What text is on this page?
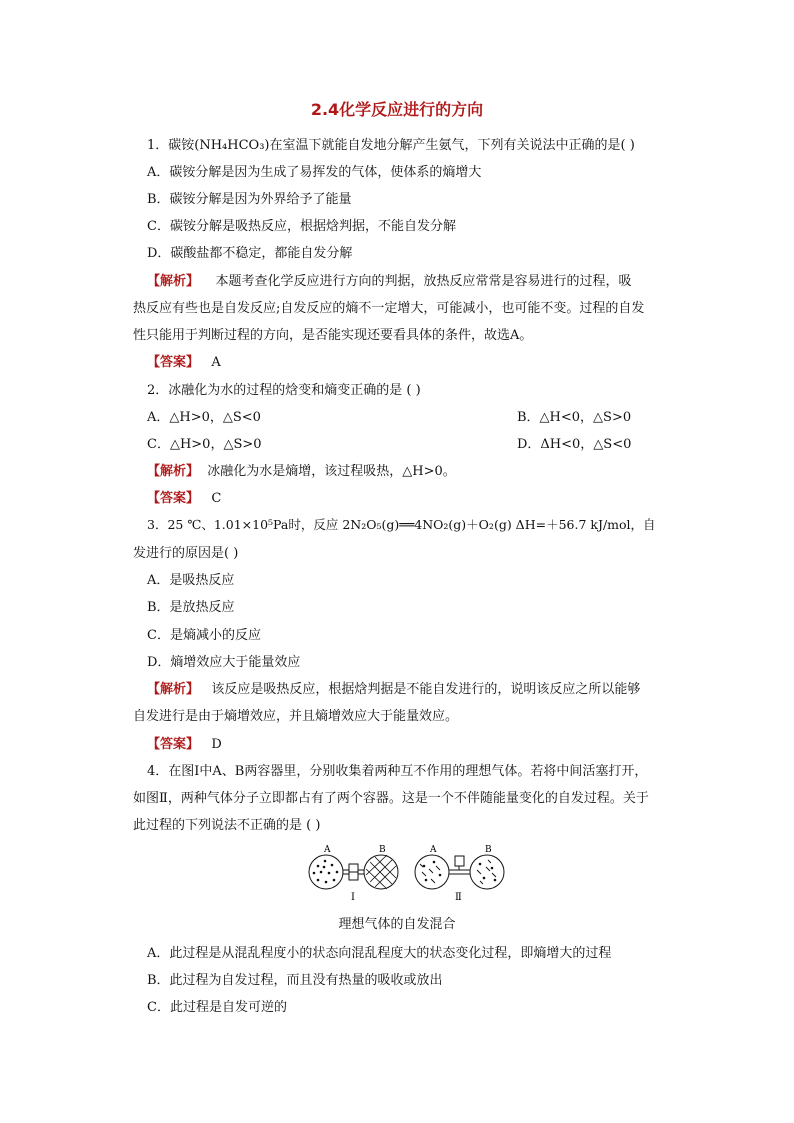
2.4化学反应进行的方向

1．碳铵(NH₄HCO₃)在室温下就能自发地分解产生氨气，下列有关说法中正确的是( )

A．碳铵分解是因为生成了易挥发的气体，使体系的熵增大

B．碳铵分解是因为外界给予了能量

C．碳铵分解是吸热反应，根据焓判据，不能自发分解

D．碳酸盐都不稳定，都能自发分解

【解析】 本题考查化学反应进行方向的判据，放热反应常常是容易进行的过程，吸

热反应有些也是自发反应;自发反应的熵不一定增大，可能减小，也可能不变。过程的自发

性只能用于判断过程的方向，是否能实现还要看具体的条件，故选A。

【答案】 A

2．冰融化为水的过程的焓变和熵变正确的是 ( )

A．△H>0，△S<0	B．△H<0，△S>0

C．△H>0，△S>0	D．ΔH<0，△S<0

【解析】 冰融化为水是熵增，该过程吸热，△H>0。

【答案】 C

3．25 ℃、1.01×10⁵Pa时，反应 2N₂O₅(g)══4NO₂(g)＋O₂(g) ΔH=＋56.7 kJ/mol，自

发进行的原因是( )

A．是吸热反应

B．是放热反应

C．是熵减小的反应

D．熵增效应大于能量效应

【解析】 该反应是吸热反应，根据焓判据是不能自发进行的，说明该反应之所以能够

自发进行是由于熵增效应，并且熵增效应大于能量效应。

【答案】 D

4．在图Ⅰ中A、B两容器里，分别收集着两种互不作用的理想气体。若将中间活塞打开，

如图Ⅱ，两种气体分子立即都占有了两个容器。这是一个不伴随能量变化的自发过程。关于

此过程的下列说法不正确的是 ( )

A	B
Ⅰ
A	B
Ⅱ

理想气体的自发混合

A．此过程是从混乱程度小的状态向混乱程度大的状态变化过程，即熵增大的过程

B．此过程为自发过程，而且没有热量的吸收或放出

C．此过程是自发可逆的
